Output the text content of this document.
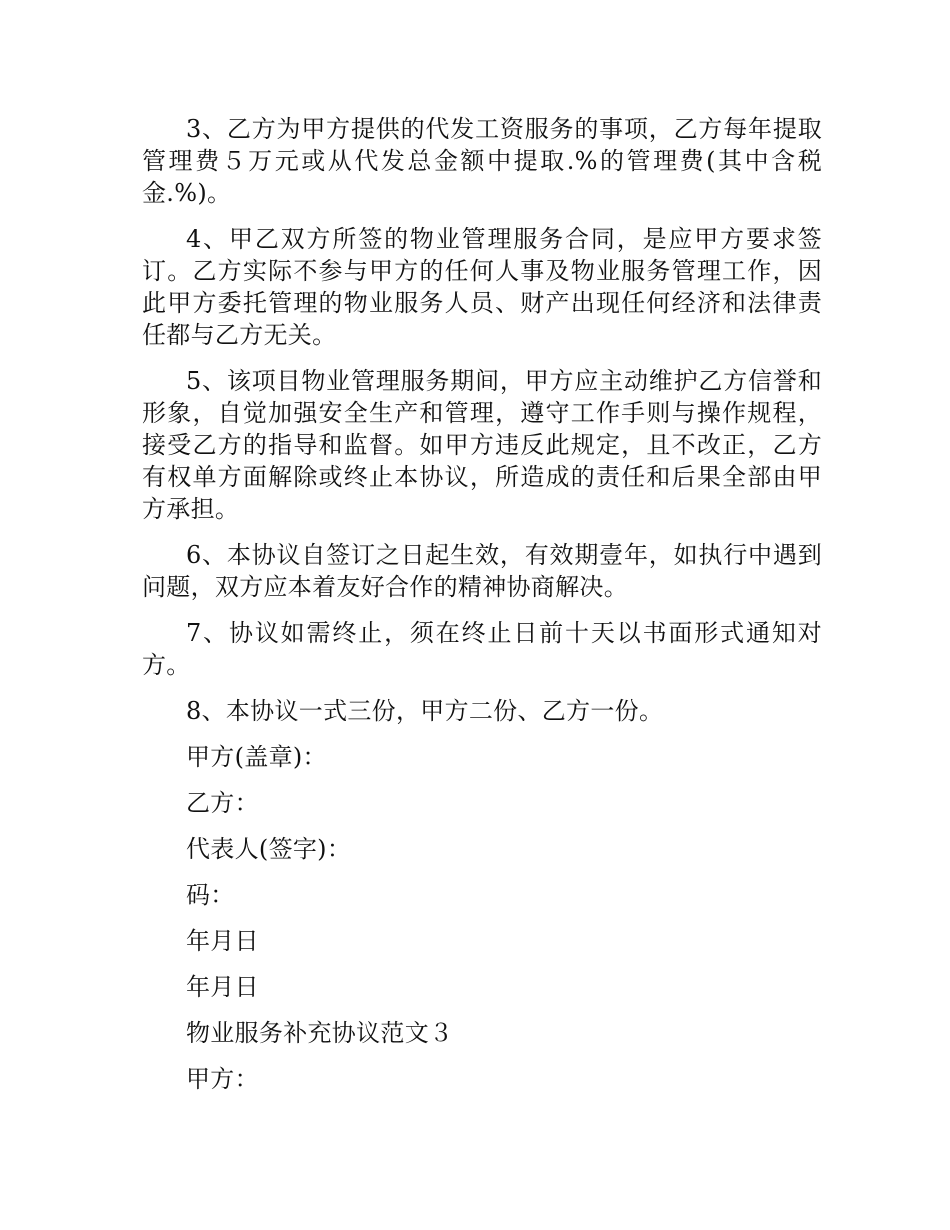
3、乙方为甲方提供的代发工资服务的事项，乙方每年提取管理费５万元或从代发总金额中提取.%的管理费(其中含税金.%)。

4、甲乙双方所签的物业管理服务合同，是应甲方要求签订。乙方实际不参与甲方的任何人事及物业服务管理工作，因此甲方委托管理的物业服务人员、财产出现任何经济和法律责任都与乙方无关。

5、该项目物业管理服务期间，甲方应主动维护乙方信誉和形象，自觉加强安全生产和管理，遵守工作手则与操作规程，接受乙方的指导和监督。如甲方违反此规定，且不改正，乙方有权单方面解除或终止本协议，所造成的责任和后果全部由甲方承担。

6、本协议自签订之日起生效，有效期壹年，如执行中遇到问题，双方应本着友好合作的精神协商解决。

7、协议如需终止，须在终止日前十天以书面形式通知对方。

8、本协议一式三份，甲方二份、乙方一份。

甲方(盖章)：
乙方：
代表人(签字)：
码：
年月日
年月日
物业服务补充协议范文３
甲方：
